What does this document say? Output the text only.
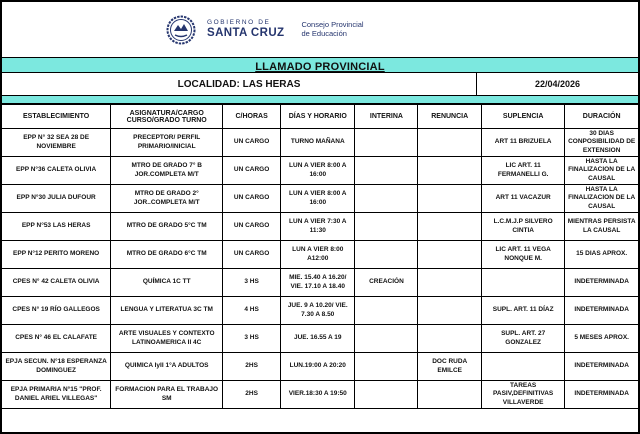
GOBIERNO DE
SANTA CRUZ
Consejo Provincial
de Educación
LLAMADO PROVINCIAL
LOCALIDAD: LAS HERAS	22/04/2026
ESTABLECIMIENTO	ASIGNATURA/CARGO CURSO/GRADO TURNO	C/HORAS	DÍAS Y HORARIO	INTERINA	RENUNCIA	SUPLENCIA	DURACIÓN
EPP N° 32 SEA 28 DE NOVIEMBRE	PRECEPTOR/ PERFIL PRIMARIO/INICIAL	UN CARGO	TURNO MAÑANA			ART 11 BRIZUELA	30 DIAS CONPOSIBILIDAD DE EXTENSION
EPP N°36 CALETA OLIVIA	MTRO DE GRADO 7° B JOR.COMPLETA M/T	UN CARGO	LUN A VIER 8:00 A 16:00			LIC ART. 11 FERMANELLI G.	HASTA LA FINALIZACION DE LA CAUSAL
EPP N°30 JULIA DUFOUR	MTRO DE GRADO 2° JOR..COMPLETA M/T	UN CARGO	LUN A VIER 8:00 A 16:00			ART 11 VACAZUR	HASTA LA FINALIZACION DE LA CAUSAL
EPP N°53 LAS HERAS	MTRO DE GRADO 5°C TM	UN CARGO	LUN A VIER 7:30 A 11:30			L.C.M.J.P SILVERO CINTIA	MIENTRAS PERSISTA LA CAUSAL
EPP N°12 PERITO MORENO	MTRO DE GRADO 6°C TM	UN CARGO	LUN A VIER 8:00 A12:00			LIC ART. 11 VEGA NONQUE M.	15 DIAS APROX.
CPES N° 42 CALETA OLIVIA	QUÍMICA 1C TT	3 HS	MIE. 15.40 A 16.20/ VIE. 17.10 A 18.40	CREACIÓN			INDETERMINADA
CPES N° 19 RÍO GALLEGOS	LENGUA Y LITERATUA 3C TM	4 HS	JUE. 9 A 10.20/ VIE. 7.30 A 8.50			SUPL. ART. 11 DÍAZ	INDETERMINADA
CPES N° 46 EL CALAFATE	ARTE VISUALES Y CONTEXTO LATINOAMERICA II 4C	3 HS	JUE. 16.55 A 19			SUPL. ART. 27 GONZALEZ	5 MESES APROX.
EPJA SECUN. N°18 ESPERANZA DOMINGUEZ	QUIMICA IyII 1°A ADULTOS	2HS	LUN.19:00 A 20:20		DOC RUDA EMILCE		INDETERMINADA
EPJA PRIMARIA N°15 "PROF. DANIEL ARIEL VILLEGAS"	FORMACION PARA EL TRABAJO SM	2HS	VIER.18:30 A 19:50			TAREAS PASIV,DEFINITIVAS VILLAVERDE	INDETERMINADA
